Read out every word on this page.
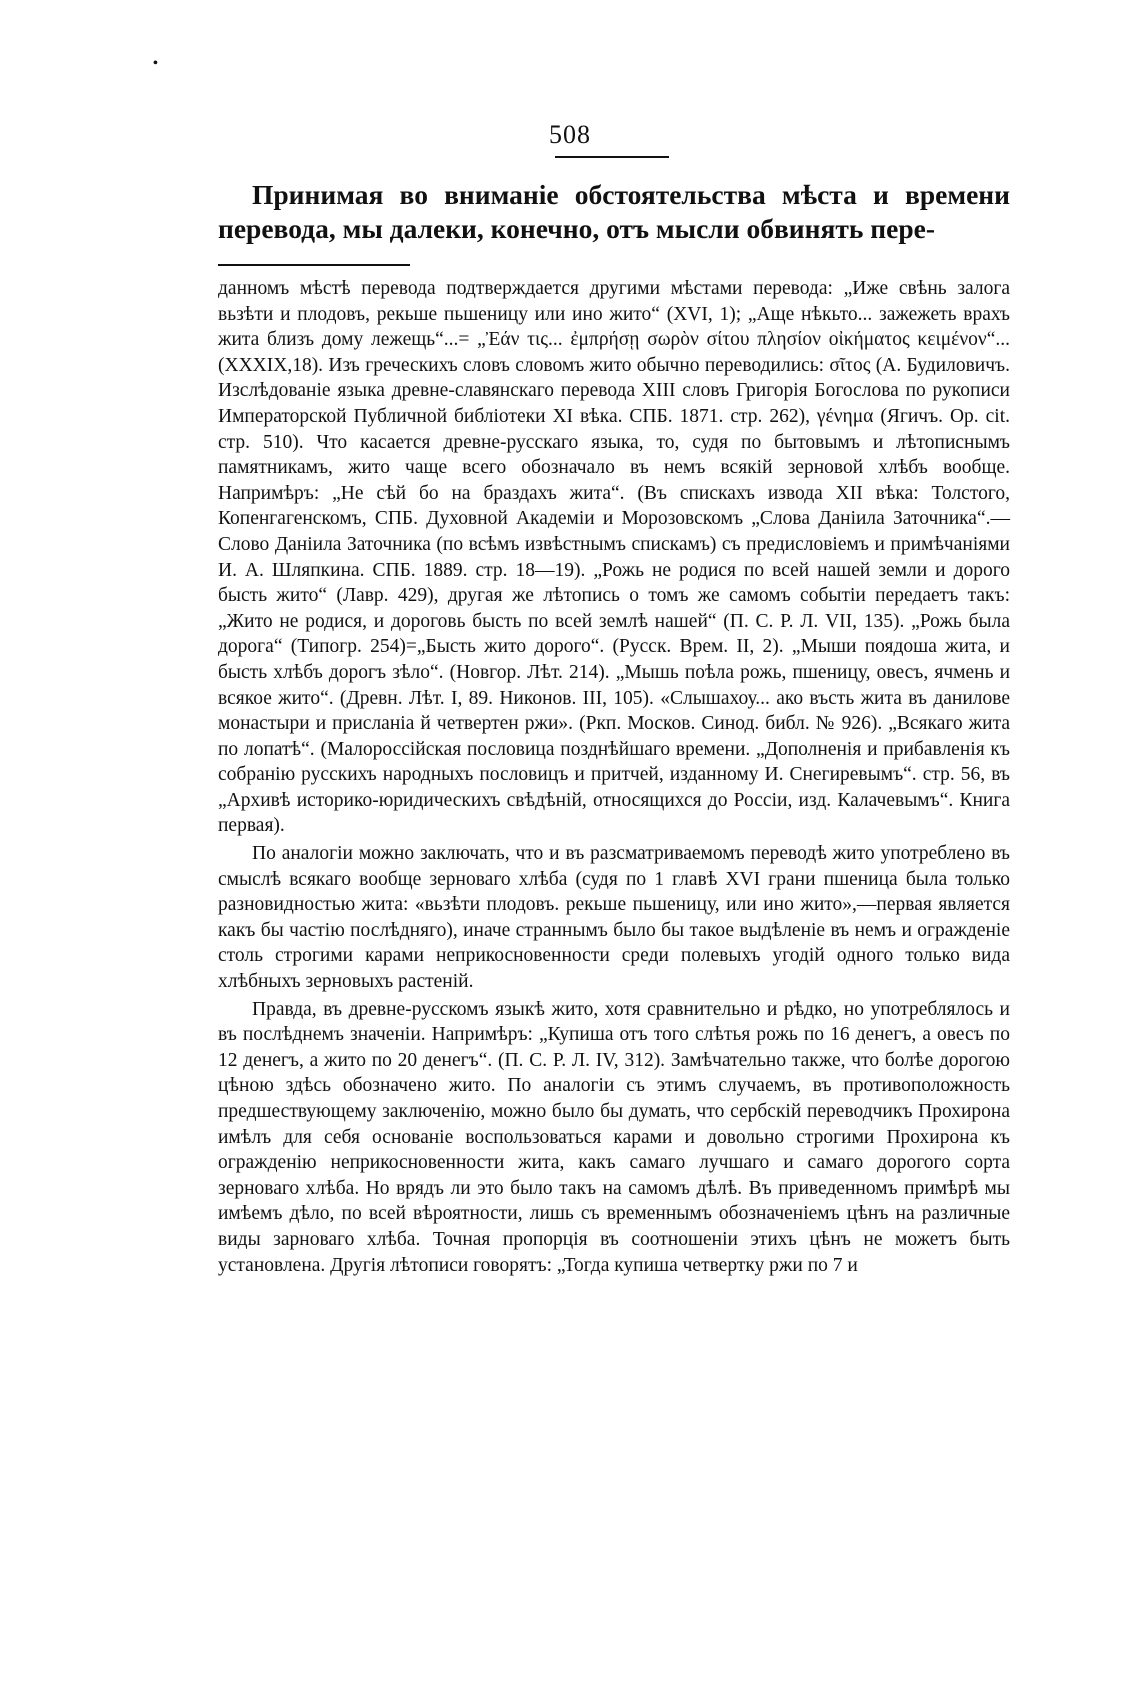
•
508
Принимая во вниманіе обстоятельства мѣста и времени перевода, мы далеки, конечно, отъ мысли обвинять пере-

данномъ мѣстѣ перевода подтверждается другими мѣстами перевода: „Иже свѣнь залога вьзѣти и плодовъ, рекьше пьшеницу или ино жито“ (XVI, 1); „Аще нѣкьто... зажежеть врахъ жита близъ дому лежещь“...= „Ἐάν τις... ἐμπρήσῃ σωρὸν σίτου πλησίον οἰκήματος κειμένον“...(XXXIX,18). Изъ греческихъ словъ словомъ жито обычно переводились: σῖτος (А. Будиловичъ. Изслѣдованіе языка древне-славянскаго перевода XIII словъ Григорія Богослова по рукописи Императорской Публичной библіотеки XI вѣка. СПБ. 1871. стр. 262), γένημα (Ягичъ. Op. cit. стр. 510). Что касается древне-русскаго языка, то, судя по бытовымъ и лѣтописнымъ памятникамъ, жито чаще всего обозначало въ немъ всякій зерновой хлѣбъ вообще. Напримѣръ: „Не сѣй бо на браздахъ жита“. (Въ спискахъ извода XII вѣка: Толстого, Копенгагенскомъ, СПБ. Духовной Академіи и Морозовскомъ „Слова Даніила Заточника“.—Слово Даніила Заточника (по всѣмъ извѣстнымъ спискамъ) съ предисловіемъ и примѣчаніями И. А. Шляпкина. СПБ. 1889. стр. 18—19). „Рожь не родися по всей нашей земли и дорого бысть жито“ (Лавр. 429), другая же лѣтопись о томъ же самомъ событіи передаетъ такъ: „Жито не родися, и дороговь бысть по всей землѣ нашей“ (П. С. Р. Л. VII, 135). „Рожь была дорога“ (Типогр. 254)=„Бысть жито дорого“. (Русск. Врем. II, 2). „Мыши поядоша жита, и бысть хлѣбъ дорогъ зѣло“. (Новгор. Лѣт. 214). „Мышь поѣла рожь, пшеницу, овесъ, ячмень и всякое жито“. (Древн. Лѣт. I, 89. Никонов. III, 105). «Слышахоу... ако въсть жита въ данилове монастыри и присланіа й четвертен ржи». (Ркп. Москов. Синод. библ. № 926). „Всякаго жита по лопатѣ“. (Малороссійская пословица позднѣйшаго времени. „Дополненія и прибавленія къ собранію русскихъ народныхъ пословицъ и притчей, изданному И. Снегиревымъ“. стр. 56, въ „Архивѣ историко-юридическихъ свѣдѣній, относящихся до Россіи, изд. Калачевымъ“. Книга первая).

По аналогіи можно заключать, что и въ разсматриваемомъ переводѣ жито употреблено въ смыслѣ всякаго вообще зерноваго хлѣба (судя по 1 главѣ XVI грани пшеница была только разновидностью жита: «вьзѣти плодовъ. рекьше пьшеницу, или ино жито»,—первая является какъ бы частію послѣдняго), иначе страннымъ было бы такое выдѣленіе въ немъ и огражденіе столь строгими карами неприкосновенности среди полевыхъ угодій одного только вида хлѣбныхъ зерновыхъ растеній.

Правда, въ древне-русскомъ языкѣ жито, хотя сравнительно и рѣдко, но употреблялось и въ послѣднемъ значеніи. Напримѣръ: „Купиша отъ того слѣтья рожь по 16 денегъ, а овесъ по 12 денегъ, а жито по 20 денегъ“. (П. С. Р. Л. IV, 312). Замѣчательно также, что болѣе дорогою цѣною здѣсь обозначено жито. По аналогіи съ этимъ случаемъ, въ противоположность предшествующему заключенію, можно было бы думать, что сербскій переводчикъ Прохирона имѣлъ для себя основаніе воспользоваться карами и довольно строгими Прохирона къ огражденію неприкосновенности жита, какъ самаго лучшаго и самаго дорогого сорта зерноваго хлѣба. Но врядъ ли это было такъ на самомъ дѣлѣ. Въ приведенномъ примѣрѣ мы имѣемъ дѣло, по всей вѣроятности, лишь съ временнымъ обозначеніемъ цѣнъ на различные виды зарноваго хлѣба. Точная пропорція въ соотношеніи этихъ цѣнъ не можетъ быть установлена. Другія лѣтописи говорятъ: „Тогда купиша четвертку ржи по 7 и
